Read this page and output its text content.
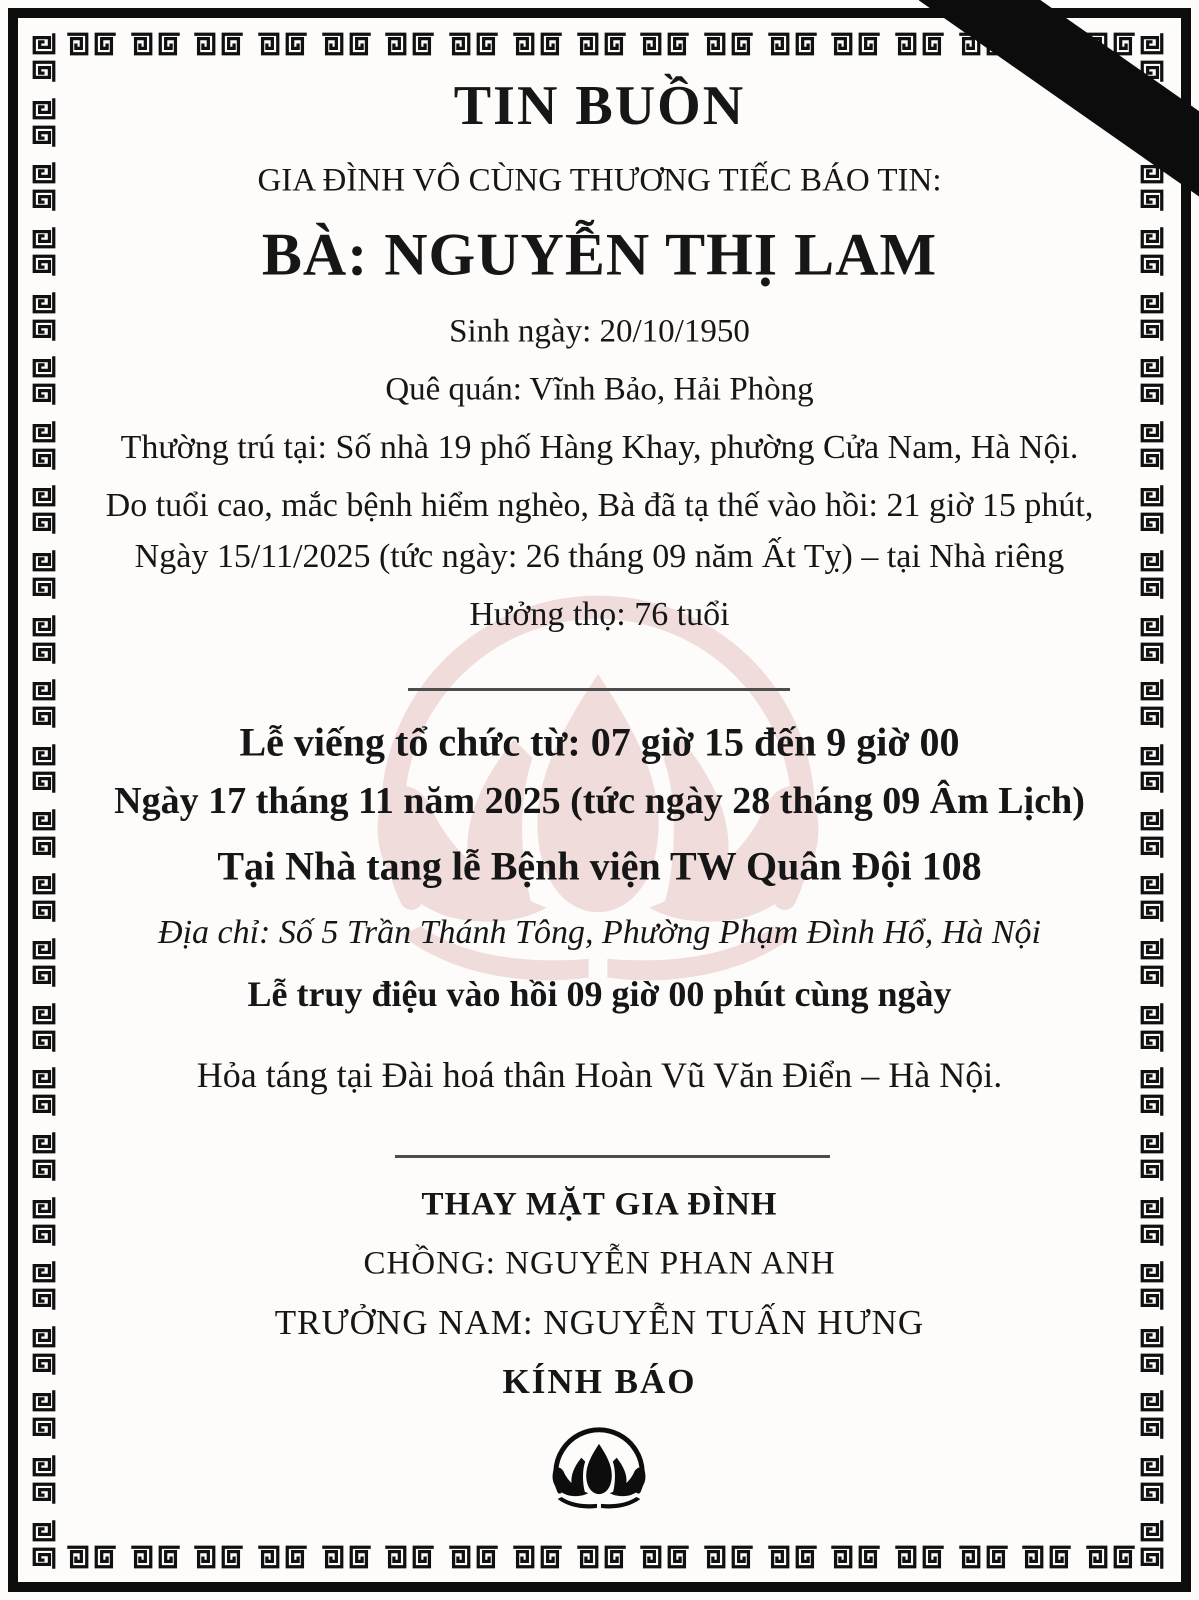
TIN BUỒN
GIA ĐÌNH VÔ CÙNG THƯƠNG TIẾC BÁO TIN:
BÀ: NGUYỄN THỊ LAM
Sinh ngày: 20/10/1950
Quê quán: Vĩnh Bảo, Hải Phòng
Thường trú tại: Số nhà 19 phố Hàng Khay, phường Cửa Nam, Hà Nội.
Do tuổi cao, mắc bệnh hiểm nghèo, Bà đã tạ thế vào hồi: 21 giờ 15 phút,
Ngày 15/11/2025 (tức ngày: 26 tháng 09 năm Ất Tỵ) – tại Nhà riêng
Hưởng thọ: 76 tuổi
Lễ viếng tổ chức từ: 07 giờ 15 đến 9 giờ 00
Ngày 17 tháng 11 năm 2025 (tức ngày 28 tháng 09 Âm Lịch)
Tại Nhà tang lễ Bệnh viện TW Quân Đội 108
Địa chỉ: Số 5 Trần Thánh Tông, Phường Phạm Đình Hổ, Hà Nội
Lễ truy điệu vào hồi 09 giờ 00 phút cùng ngày
Hỏa táng tại Đài hoá thân Hoàn Vũ Văn Điển – Hà Nội.
THAY MẶT GIA ĐÌNH
CHỒNG: NGUYỄN PHAN ANH
TRƯỞNG NAM: NGUYỄN TUẤN HƯNG
KÍNH BÁO
